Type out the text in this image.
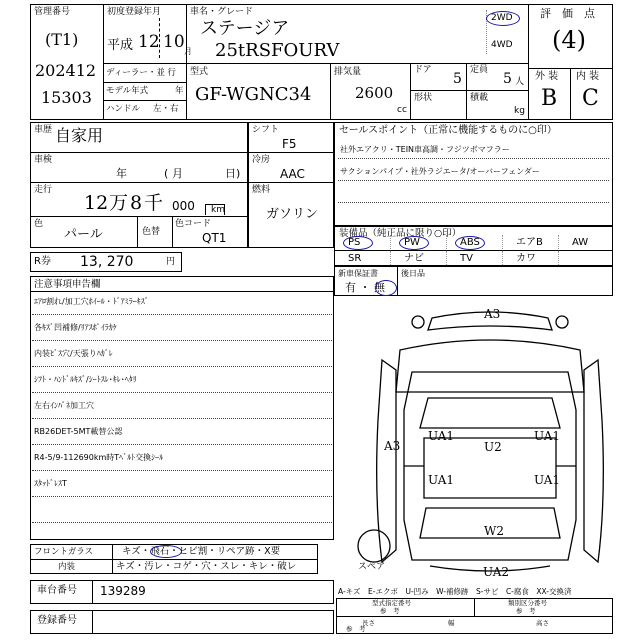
管理番号
(T1)
202412
15303
初度登録年月
平成 12 10 月
ディーラー・並 行
モデル年式	年
ハンドル 左・右
車名・グレード
ステージア
25tRSFOURV
2WD
4WD
型式
GF-WGNC34
排気量
2600
cc
ドア
5
定員
5 人
形状	積載
kg
評　価　点
(4)
外 装 内 装
B C
車歴 自家用
車検
年	( 月	日)
走行
12 万 8 千 000 km
色
パール	色替
色コード
QT1
シフト
F5
冷房
AAC
燃料
ガソリン
R券 13, 270	円
セールスポイント（正常に機能するものに○印）
社外エアクリ・TEIN車高調・フジツボマフラー
サクションパイプ・社外ラジエータ/オーバーフェンダー
装備品（純正品に限り○印）
PS	PW	ABS	エアB	AW
SR	ナビ	TV	カワ
新車保証書
有 ・ 無
後日品
注意事項申告欄
ｴｱﾛ割れ/加工穴ﾎｲｰﾙ・ﾄﾞｱﾐﾗｰｷｽﾞ
各ｷｽﾞ凹補修/ﾘｱｽﾎﾟｲﾗｶｹ
内装ﾋﾞｽ穴/天張りﾊｶﾞﾚ
ｼﾌﾄ・ﾊﾝﾄﾞﾙｷｽﾞ/ｼｰﾄｽﾚ･ｷﾚ･ﾍﾀﾘ
左右ｲﾝﾊﾟﾈ加工穴
RB26DET-5MT載替公認
R4-5/9-112690km時Tﾍﾞﾙﾄ交換ｼｰﾙ
ｽﾀｯﾄﾞﾚｽT
A3
A3
UA1	UA1
U2
UA1	UA1
W2
UA2
スペア
A-キズ　E-エクボ　U-凹み　W-補修跡　S-サビ　C-腐食　XX-交換済
フロントガラス	キズ・飛石・ヒビ割・リペア跡・X要
内装	キズ・汚レ・コゲ・穴・スレ・キレ・破レ
車台番号 139289
登録番号
型式指定番号
参　考
類別区分番号
参　考
参　考
長さ	幅	高さ
